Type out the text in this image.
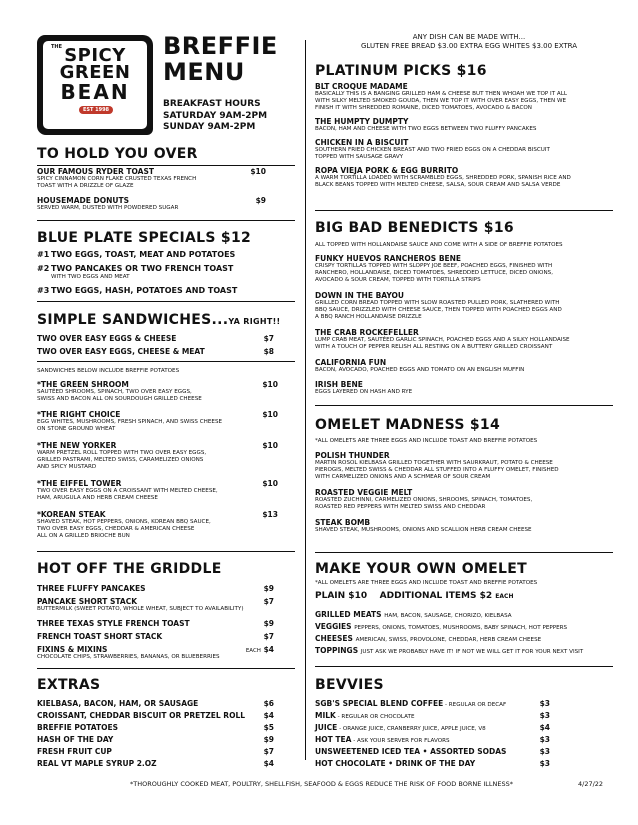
THE SPICY
GREEN
BEAN
EST 1998
BREFFIE
MENU
BREAKFAST HOURS
SATURDAY 9AM-2PM
SUNDAY 9AM-2PM
ANY DISH CAN BE MADE WITH...
GLUTEN FREE BREAD $3.00 EXTRA EGG WHITES $3.00 EXTRA
TO HOLD YOU OVER
OUR FAMOUS RYDER TOAST	$10
SPICY CINNAMON CORN FLAKE CRUSTED TEXAS FRENCH
TOAST WITH A DRIZZLE OF GLAZE
HOUSEMADE DONUTS	$9
SERVED WARM, DUSTED WITH POWDERED SUGAR
BLUE PLATE SPECIALS $12
#1 TWO EGGS, TOAST, MEAT AND POTATOES
#2 TWO PANCAKES OR TWO FRENCH TOAST
WITH TWO EGGS AND MEAT
#3 TWO EGGS, HASH, POTATOES AND TOAST
SIMPLE SANDWICHES...YA RIGHT!!
TWO OVER EASY EGGS & CHEESE	$7
TWO OVER EASY EGGS, CHEESE & MEAT	$8
SANDWICHES BELOW INCLUDE BREFFIE POTATOES
*THE GREEN SHROOM	$10
SAUTÉED SHROOMS, SPINACH, TWO OVER EASY EGGS,
SWISS AND BACON ALL ON SOURDOUGH GRILLED CHEESE
*THE RIGHT CHOICE	$10
EGG WHITES, MUSHROOMS, FRESH SPINACH, AND SWISS CHEESE
ON STONE GROUND WHEAT
*THE NEW YORKER	$10
WARM PRETZEL ROLL TOPPED WITH TWO OVER EASY EGGS,
GRILLED PASTRAMI, MELTED SWISS, CARAMELIZED ONIONS
AND SPICY MUSTARD
*THE EIFFEL TOWER	$10
TWO OVER EASY EGGS ON A CROISSANT WITH MELTED CHEESE,
HAM, ARUGULA AND HERB CREAM CHEESE
*KOREAN STEAK	$13
SHAVED STEAK, HOT PEPPERS, ONIONS, KOREAN BBQ SAUCE,
TWO OVER EASY EGGS, CHEDDAR & AMERICAN CHEESE
ALL ON A GRILLED BRIOCHE BUN
HOT OFF THE GRIDDLE
THREE FLUFFY PANCAKES	$9
PANCAKE SHORT STACK	$7
BUTTERMILK (SWEET POTATO, WHOLE WHEAT, SUBJECT TO AVAILABILITY)
THREE TEXAS STYLE FRENCH TOAST	$9
FRENCH TOAST SHORT STACK	$7
FIXINS & MIXINS	EACH $4
CHOCOLATE CHIPS, STRAWBERRIES, BANANAS, OR BLUEBERRIES
EXTRAS
KIELBASA, BACON, HAM, OR SAUSAGE	$6
CROISSANT, CHEDDAR BISCUIT OR PRETZEL ROLL	$4
BREFFIE POTATOES	$5
HASH OF THE DAY	$9
FRESH FRUIT CUP	$7
REAL VT MAPLE SYRUP 2.OZ	$4
PLATINUM PICKS $16
BLT CROQUE MADAME
BASICALLY THIS IS A BANGING GRILLED HAM & CHEESE BUT THEN WHOAH WE TOP IT ALL
WITH SILKY MELTED SMOKED GOUDA, THEN WE TOP IT WITH OVER EASY EGGS, THEN WE
FINISH IT WITH SHREDDED ROMAINE, DICED TOMATOES, AVOCADO & BACON
THE HUMPTY DUMPTY
BACON, HAM AND CHEESE WITH TWO EGGS BETWEEN TWO FLUFFY PANCAKES
CHICKEN IN A BISCUIT
SOUTHERN FRIED CHICKEN BREAST AND TWO FRIED EGGS ON A CHEDDAR BISCUIT
TOPPED WITH SAUSAGE GRAVY
ROPA VIEJA PORK & EGG BURRITO
A WARM TORTILLA LOADED WITH SCRAMBLED EGGS, SHREDDED PORK, SPANISH RICE AND
BLACK BEANS TOPPED WITH MELTED CHEESE, SALSA, SOUR CREAM AND SALSA VERDE
BIG BAD BENEDICTS $16
ALL TOPPED WITH HOLLANDAISE SAUCE AND COME WITH A SIDE OF BREFFIE POTATOES
FUNKY HUEVOS RANCHEROS BENE
CRISPY TORTILLAS TOPPED WITH SLOPPY JOE BEEF, POACHED EGGS, FINISHED WITH
RANCHERO, HOLLANDAISE, DICED TOMATOES, SHREDDED LETTUCE, DICED ONIONS,
AVOCADO & SOUR CREAM, TOPPED WITH TORTILLA STRIPS
DOWN IN THE BAYOU
GRILLED CORN BREAD TOPPED WITH SLOW ROASTED PULLED PORK, SLATHERED WITH
BBQ SAUCE, DRIZZLED WITH CHEESE SAUCE, THEN TOPPED WITH POACHED EGGS AND
A BBQ RANCH HOLLANDAISE DRIZZLE
THE CRAB ROCKEFELLER
LUMP CRAB MEAT, SAUTÉED GARLIC SPINACH, POACHED EGGS AND A SILKY HOLLANDAISE
WITH A TOUCH OF PEPPER RELISH ALL RESTING ON A BUTTERY GRILLED CROISSANT
CALIFORNIA FUN
BACON, AVOCADO, POACHED EGGS AND TOMATO ON AN ENGLISH MUFFIN
IRISH BENE
EGGS LAYERED ON HASH AND RYE
OMELET MADNESS $14
*ALL OMELETS ARE THREE EGGS AND INCLUDE TOAST AND BREFFIE POTATOES
POLISH THUNDER
MARTIN ROSOL KIELBASA GRILLED TOGETHER WITH SAURKRAUT, POTATO & CHEESE
PIEROGIS, MELTED SWISS & CHEDDAR ALL STUFFED INTO A FLUFFY OMELET, FINISHED
WITH CARMELIZED ONIONS AND A SCHMEAR OF SOUR CREAM
ROASTED VEGGIE MELT
ROASTED ZUCHINNI, CARMELIZED ONIONS, SHROOMS, SPINACH, TOMATOES,
ROASTED RED PEPPERS WITH MELTED SWISS AND CHEDDAR
STEAK BOMB
SHAVED STEAK, MUSHROOMS, ONIONS AND SCALLION HERB CREAM CHEESE
MAKE YOUR OWN OMELET
*ALL OMELETS ARE THREE EGGS AND INCLUDE TOAST AND BREFFIE POTATOES
PLAIN $10 ADDITIONAL ITEMS $2 EACH
GRILLED MEATS HAM, BACON, SAUSAGE, CHORIZO, KIELBASA
VEGGIES PEPPERS, ONIONS, TOMATOES, MUSHROOMS, BABY SPINACH, HOT PEPPERS
CHEESES AMERICAN, SWISS, PROVOLONE, CHEDDAR, HERB CREAM CHEESE
TOPPINGS JUST ASK WE PROBABLY HAVE IT! IF NOT WE WILL GET IT FOR YOUR NEXT VISIT
BEVVIES
SGB'S SPECIAL BLEND COFFEE - REGULAR OR DECAF	$3
MILK - REGULAR OR CHOCOLATE	$3
JUICE - ORANGE JUICE, CRANBERRY JUICE, APPLE JUICE, V8	$4
HOT TEA - ASK YOUR SERVER FOR FLAVORS	$3
UNSWEETENED ICED TEA • ASSORTED SODAS	$3
HOT CHOCOLATE • DRINK OF THE DAY	$3
*THOROUGHLY COOKED MEAT, POULTRY, SHELLFISH, SEAFOOD & EGGS REDUCE THE RISK OF FOOD BORNE ILLNESS*	4/27/22
